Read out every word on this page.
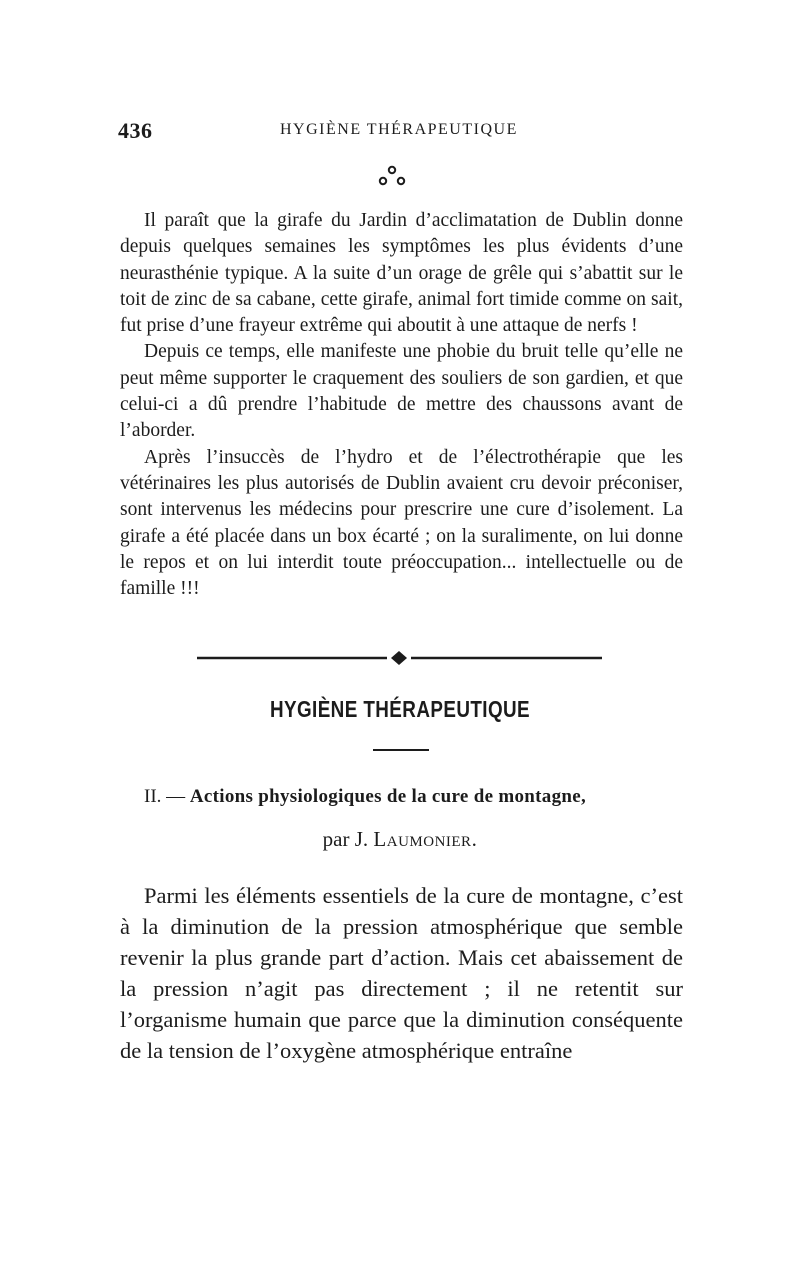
436	HYGIÈNE THÉRAPEUTIQUE

Il paraît que la girafe du Jardin d’acclimatation de Dublin donne depuis quelques semaines les symptômes les plus évidents d’une neurasthénie typique. A la suite d’un orage de grêle qui s’abattit sur le toit de zinc de sa cabane, cette girafe, animal fort timide comme on sait, fut prise d’une frayeur extrême qui aboutit à une attaque de nerfs !

Depuis ce temps, elle manifeste une phobie du bruit telle qu’elle ne peut même supporter le craquement des souliers de son gardien, et que celui-ci a dû prendre l’habitude de mettre des chaussons avant de l’aborder.

Après l’insuccès de l’hydro et de l’électrothérapie que les vétérinaires les plus autorisés de Dublin avaient cru devoir préconiser, sont intervenus les médecins pour prescrire une cure d’isolement. La girafe a été placée dans un box écarté ; on la suralimente, on lui donne le repos et on lui interdit toute préoccupation... intellectuelle ou de famille !!!

HYGIÈNE THÉRAPEUTIQUE
II. — Actions physiologiques de la cure de montagne,
par J. Laumonier.

Parmi les éléments essentiels de la cure de montagne, c’est à la diminution de la pression atmosphérique que semble revenir la plus grande part d’action. Mais cet abaissement de la pression n’agit pas directement ; il ne retentit sur l’organisme humain que parce que la diminution conséquente de la tension de l’oxygène atmosphérique entraîne
